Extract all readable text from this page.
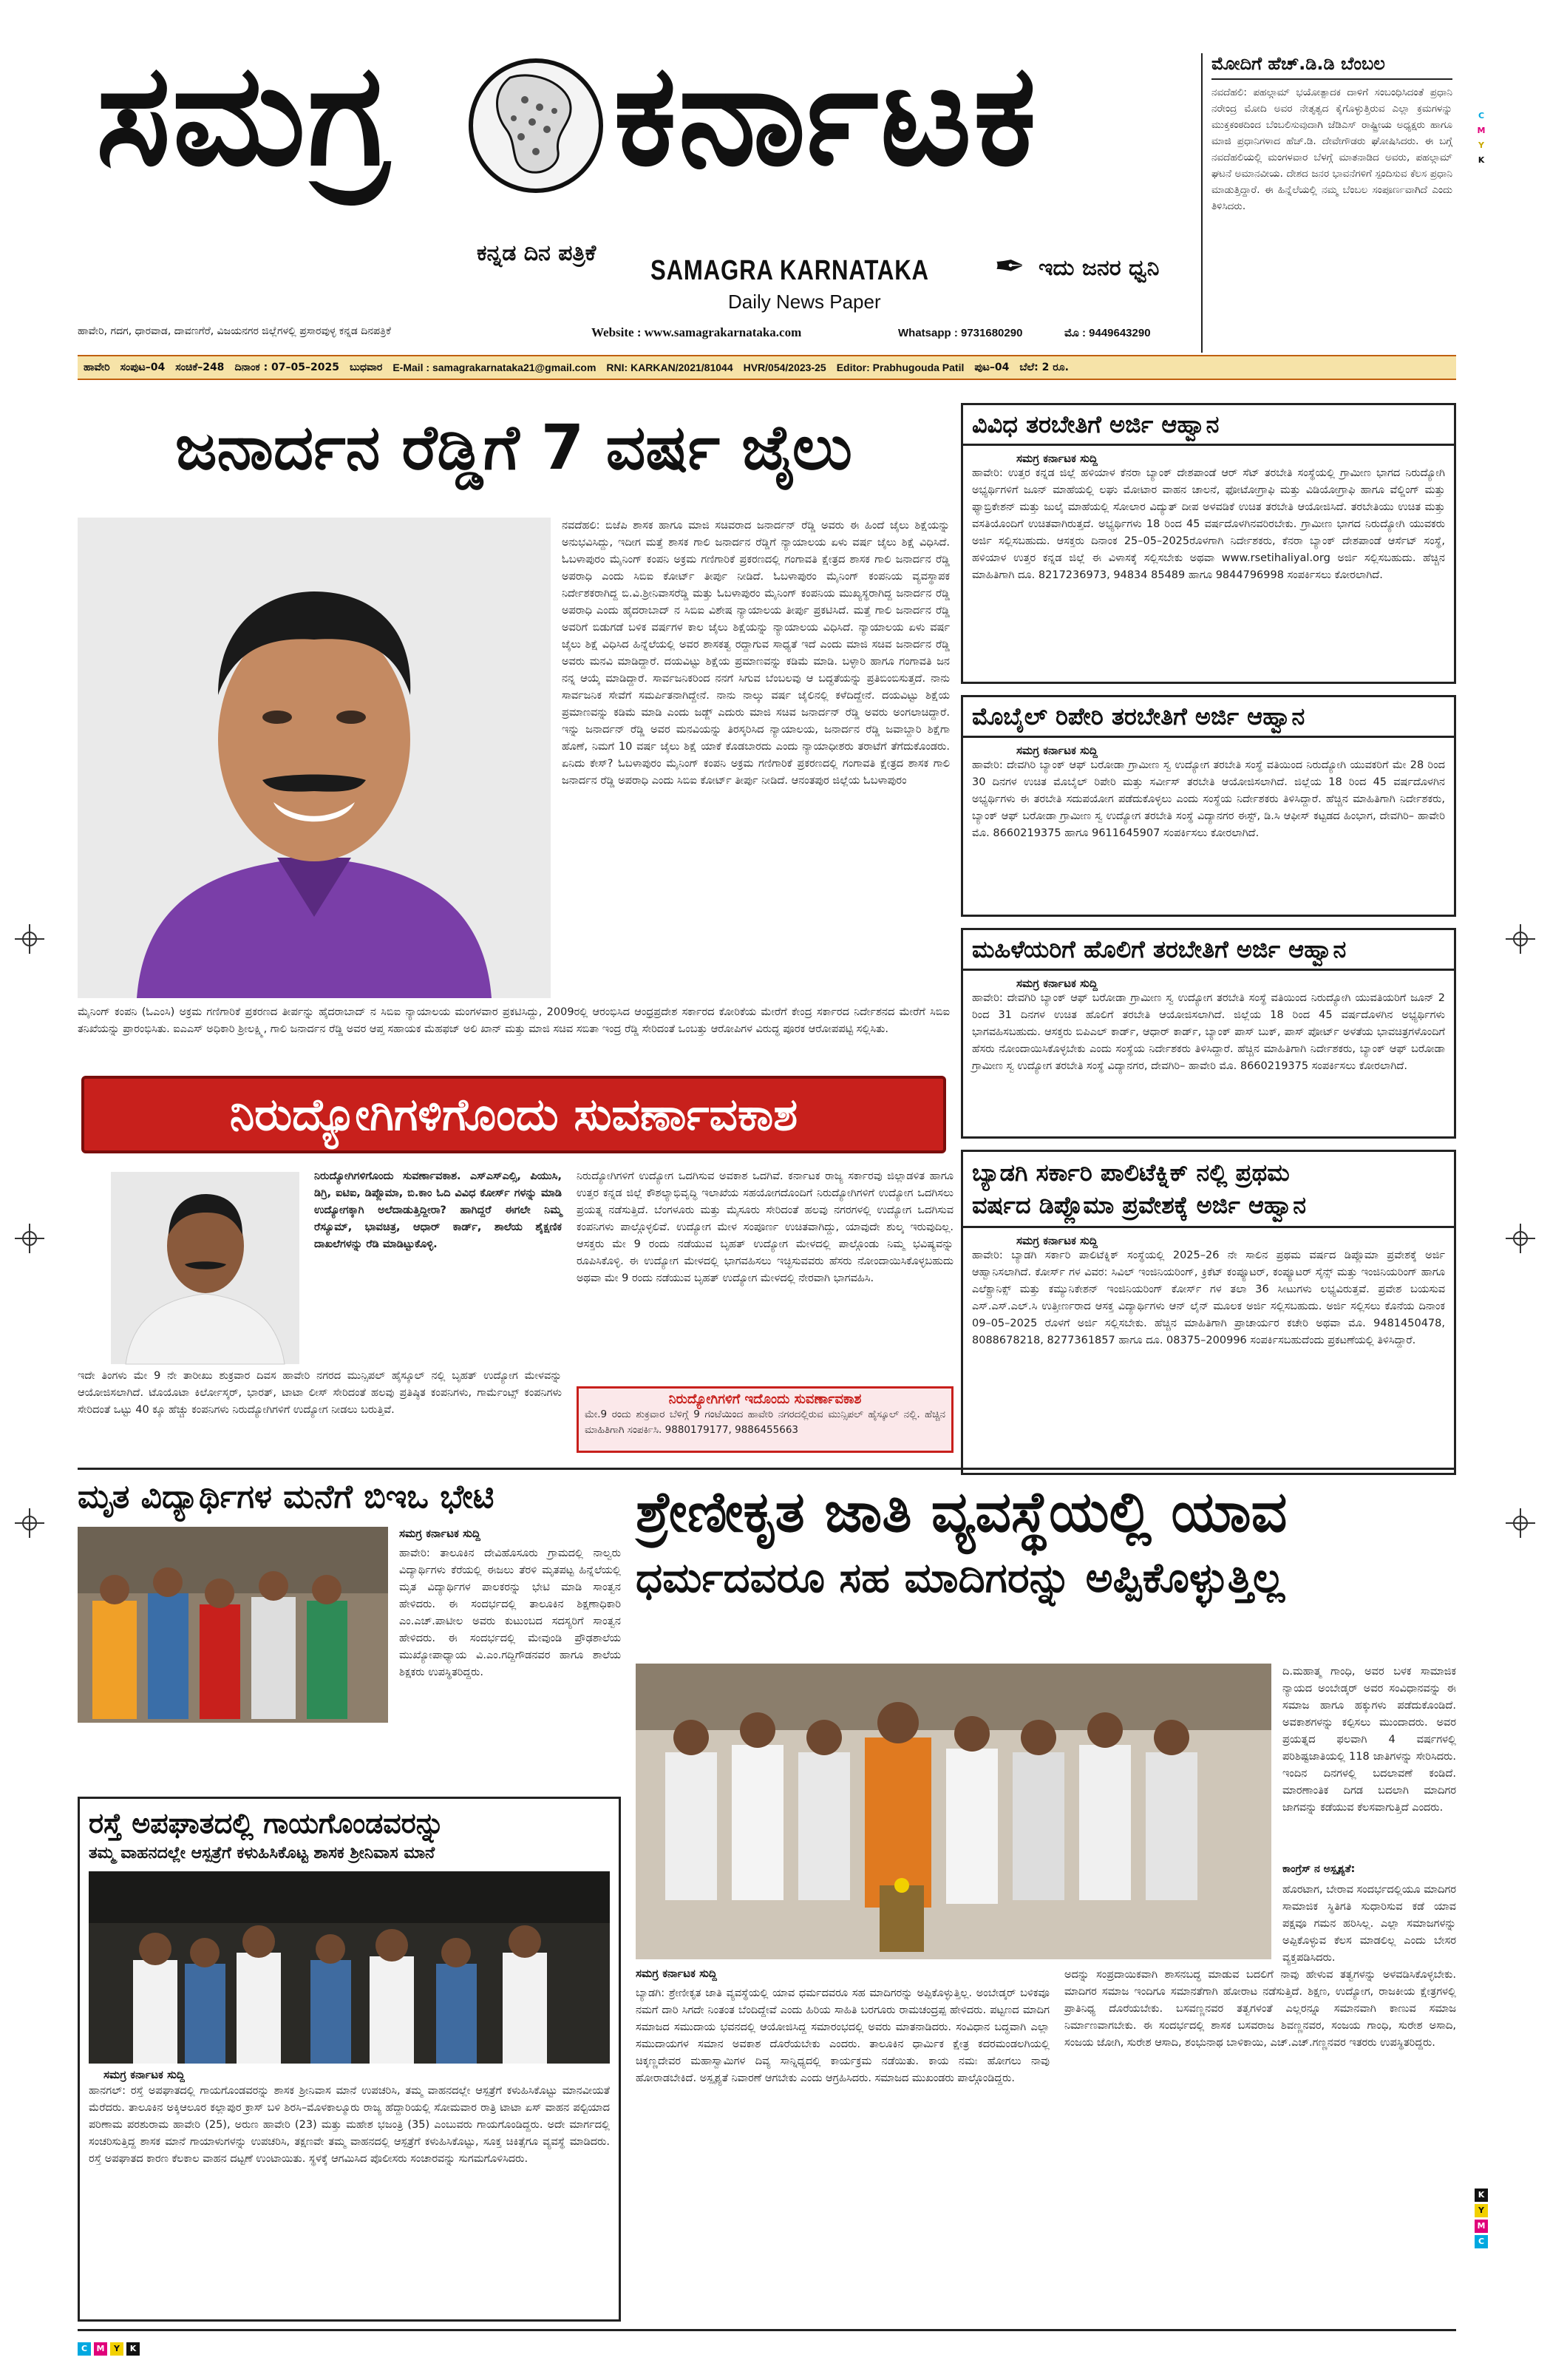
ಸಮಗ್ರ ಕರ್ನಾಟಕ
ಕನ್ನಡ ದಿನ ಪತ್ರಿಕೆ
SAMAGRA KARNATAKA
Daily News Paper
✒ ಇದು ಜನರ ಧ್ವನಿ
ಹಾವೇರಿ, ಗದಗ, ಧಾರವಾಡ, ದಾವಣಗೆರೆ, ವಿಜಯನಗರ ಜಿಲ್ಲೆಗಳಲ್ಲಿ ಪ್ರಸಾರವುಳ್ಳ ಕನ್ನಡ ದಿನಪತ್ರಿಕೆ	Website : www.samagrakarnataka.com	Whatsapp : 9731680290	ಮೊ : 9449643290
ಮೋದಿಗೆ ಹೆಚ್.ಡಿ.ಡಿ ಬೆಂಬಲ
ನವದೆಹಲಿ: ಪಹಲ್ಗಾಮ್ ಭಯೋತ್ಪಾದಕ ದಾಳಿಗೆ ಸಂಬಂಧಿಸಿದಂತೆ ಪ್ರಧಾನಿ ನರೇಂದ್ರ ಮೋದಿ ಅವರ ನೇತೃತ್ವದ ಕೈಗೊಳ್ಳುತ್ತಿರುವ ಎಲ್ಲಾ ಕ್ರಮಗಳನ್ನು ಮುಕ್ತಕಂಠದಿಂದ ಬೆಂಬಲಿಸುವುದಾಗಿ ಜೆಡಿಎಸ್ ರಾಷ್ಟ್ರೀಯ ಅಧ್ಯಕ್ಷರು ಹಾಗೂ ಮಾಜಿ ಪ್ರಧಾನಿಗಳಾದ ಹೆಚ್.ಡಿ. ದೇವೇಗೌಡರು ಘೋಷಿಸಿದರು. ಈ ಬಗ್ಗೆ ನವದೆಹಲಿಯಲ್ಲಿ ಮಂಗಳವಾರ ಬೆಳಗ್ಗೆ ಮಾತನಾಡಿದ ಅವರು, ಪಹಲ್ಗಾಮ್ ಘಟನೆ ಅಮಾನವೀಯ. ದೇಶದ ಜನರ ಭಾವನೆಗಳಿಗೆ ಸ್ಪಂದಿಸುವ ಕೆಲಸ ಪ್ರಧಾನಿ ಮಾಡುತ್ತಿದ್ದಾರೆ. ಈ ಹಿನ್ನೆಲೆಯಲ್ಲಿ ನಮ್ಮ ಬೆಂಬಲ ಸಂಪೂರ್ಣವಾಗಿದೆ ಎಂದು ತಿಳಿಸಿದರು.
C
M
Y
K
ಹಾವೇರಿ ಸಂಪುಟ–04 ಸಂಚಿಕೆ–248 ದಿನಾಂಕ : 07–05–2025 ಬುಧವಾರ E-Mail : samagrakarnataka21@gmail.com RNI: KARKAN/2021/81044 HVR/054/2023-25 Editor: Prabhugouda Patil ಪುಟ–04 ಬೆಲೆ: 2 ರೂ.
ಜನಾರ್ದನ ರೆಡ್ಡಿಗೆ 7 ವರ್ಷ ಜೈಲು
ನವದೆಹಲಿ: ಬಿಜೆಪಿ ಶಾಸಕ ಹಾಗೂ ಮಾಜಿ ಸಚಿವರಾದ ಜನಾರ್ದನ್ ರೆಡ್ಡಿ ಅವರು ಈ ಹಿಂದೆ ಜೈಲು ಶಿಕ್ಷೆಯನ್ನು ಅನುಭವಿಸಿದ್ದು, ಇದೀಗ ಮತ್ತೆ ಶಾಸಕ ಗಾಲಿ ಜನಾರ್ದನ ರೆಡ್ಡಿಗೆ ನ್ಯಾಯಾಲಯ ಏಳು ವರ್ಷ ಜೈಲು ಶಿಕ್ಷೆ ವಿಧಿಸಿದೆ. ಓಬಳಾಪುರಂ ಮೈನಿಂಗ್ ಕಂಪನಿ ಅಕ್ರಮ ಗಣಿಗಾರಿಕೆ ಪ್ರಕರಣದಲ್ಲಿ ಗಂಗಾವತಿ ಕ್ಷೇತ್ರದ ಶಾಸಕ ಗಾಲಿ ಜನಾರ್ದನ ರೆಡ್ಡಿ ಅಪರಾಧಿ ಎಂದು ಸಿಬಿಐ ಕೋರ್ಟ್ ತೀರ್ಪು ನೀಡಿದೆ. ಓಬಳಾಪುರಂ ಮೈನಿಂಗ್ ಕಂಪನಿಯ ವ್ಯವಸ್ಥಾಪಕ ನಿರ್ದೇಶಕರಾಗಿದ್ದ ಬಿ.ವಿ.ಶ್ರೀನಿವಾಸರೆಡ್ಡಿ ಮತ್ತು ಓಬಳಾಪುರಂ ಮೈನಿಂಗ್ ಕಂಪನಿಯ ಮುಖ್ಯಸ್ಥರಾಗಿದ್ದ ಜನಾರ್ದನ ರೆಡ್ಡಿ ಅಪರಾಧಿ ಎಂದು ಹೈದರಾಬಾದ್ ನ ಸಿಬಿಐ ವಿಶೇಷ ನ್ಯಾಯಾಲಯ ತೀರ್ಪು ಪ್ರಕಟಿಸಿದೆ. ಮತ್ತೆ ಗಾಲಿ ಜನಾರ್ದನ ರೆಡ್ಡಿ ಅವರಿಗೆ ಬಿಡುಗಡೆ ಬಳಿಕ ವರ್ಷಗಳ ಕಾಲ ಜೈಲು ಶಿಕ್ಷೆಯನ್ನು ನ್ಯಾಯಾಲಯ ವಿಧಿಸಿದೆ. ನ್ಯಾಯಾಲಯ ಏಳು ವರ್ಷ ಜೈಲು ಶಿಕ್ಷೆ ವಿಧಿಸಿದ ಹಿನ್ನೆಲೆಯಲ್ಲಿ ಅವರ ಶಾಸಕತ್ವ ರದ್ದಾಗುವ ಸಾಧ್ಯತೆ ಇದೆ ಎಂದು ಮಾಜಿ ಸಚಿವ ಜನಾರ್ದನ ರೆಡ್ಡಿ ಅವರು ಮನವಿ ಮಾಡಿದ್ದಾರೆ. ದಯವಿಟ್ಟು ಶಿಕ್ಷೆಯ ಪ್ರಮಾಣವನ್ನು ಕಡಿಮೆ ಮಾಡಿ. ಬಳ್ಳಾರಿ ಹಾಗೂ ಗಂಗಾವತಿ ಜನ ನನ್ನ ಆಯ್ಕೆ ಮಾಡಿದ್ದಾರೆ. ಸಾರ್ವಜನಿಕರಿಂದ ನನಗೆ ಸಿಗುವ ಬೆಂಬಲವು ಆ ಬದ್ಧತೆಯನ್ನು ಪ್ರತಿಬಿಂಬಿಸುತ್ತದೆ. ನಾನು ಸಾರ್ವಜನಿಕ ಸೇವೆಗೆ ಸಮರ್ಪಿತನಾಗಿದ್ದೇನೆ. ನಾನು ನಾಲ್ಕು ವರ್ಷ ಜೈಲಿನಲ್ಲಿ ಕಳೆದಿದ್ದೇನೆ. ದಯವಿಟ್ಟು ಶಿಕ್ಷೆಯ ಪ್ರಮಾಣವನ್ನು ಕಡಿಮೆ ಮಾಡಿ ಎಂದು ಜಡ್ಜ್ ಎದುರು ಮಾಜಿ ಸಚಿವ ಜನಾರ್ದನ್ ರೆಡ್ಡಿ ಅವರು ಅಂಗಲಾಚಿದ್ದಾರೆ. ಇನ್ನು ಜನಾರ್ದನ್ ರೆಡ್ಡಿ ಅವರ ಮನವಿಯನ್ನು ತಿರಸ್ಕರಿಸಿದ ನ್ಯಾಯಾಲಯ, ಜನಾರ್ದನ ರೆಡ್ಡಿ ಜವಾಬ್ದಾರಿ ಶಿಕ್ಷೆಗಾ ಹೊಣೆ, ನಿಮಗೆ 10 ವರ್ಷ ಜೈಲು ಶಿಕ್ಷೆ ಯಾಕೆ ಕೊಡಬಾರದು ಎಂದು ನ್ಯಾಯಾಧೀಶರು ತರಾಟೆಗೆ ತೆಗೆದುಕೊಂಡರು. ಏನಿದು ಕೇಸ್? ಓಬಳಾಪುರಂ ಮೈನಿಂಗ್ ಕಂಪನಿ ಅಕ್ರಮ ಗಣಿಗಾರಿಕೆ ಪ್ರಕರಣದಲ್ಲಿ ಗಂಗಾವತಿ ಕ್ಷೇತ್ರದ ಶಾಸಕ ಗಾಲಿ ಜನಾರ್ದನ ರೆಡ್ಡಿ ಅಪರಾಧಿ ಎಂದು ಸಿಬಿಐ ಕೋರ್ಟ್ ತೀರ್ಪು ನೀಡಿದೆ. ಆನಂತಪುರ ಜಿಲ್ಲೆಯ ಓಬಳಾಪುರಂ
ಮೈನಿಂಗ್ ಕಂಪನಿ (ಓಎಂಸಿ) ಅಕ್ರಮ ಗಣಿಗಾರಿಕೆ ಪ್ರಕರಣದ ತೀರ್ಪನ್ನು ಹೈದರಾಬಾದ್ ನ ಸಿಬಿಐ ನ್ಯಾಯಾಲಯ ಮಂಗಳವಾರ ಪ್ರಕಟಿಸಿದ್ದು, 2009ರಲ್ಲಿ ಆರಂಭಿಸಿದ ಆಂಧ್ರಪ್ರದೇಶ ಸರ್ಕಾರದ ಕೋರಿಕೆಯ ಮೇರೆಗೆ ಕೇಂದ್ರ ಸರ್ಕಾರದ ನಿರ್ದೇಶನದ ಮೇರೆಗೆ ಸಿಬಿಐ ತನಿಖೆಯನ್ನು ಪ್ರಾರಂಭಿಸಿತು. ಐಎಎಸ್ ಅಧಿಕಾರಿ ಶ್ರೀಲಕ್ಷ್ಮಿ, ಗಾಲಿ ಜನಾರ್ದನ ರೆಡ್ಡಿ ಅವರ ಆಪ್ತ ಸಹಾಯಕ ಮೆಹಫಜ್ ಅಲಿ ಖಾನ್ ಮತ್ತು ಮಾಜಿ ಸಚಿವ ಸಬಿತಾ ಇಂದ್ರ ರೆಡ್ಡಿ ಸೇರಿದಂತೆ ಒಂಬತ್ತು ಆರೋಪಿಗಳ ವಿರುದ್ಧ ಪೂರಕ ಆರೋಪಪಟ್ಟಿ ಸಲ್ಲಿಸಿತು.
ವಿವಿಧ ತರಬೇತಿಗೆ ಅರ್ಜಿ ಆಹ್ವಾನ
ಸಮಗ್ರ ಕರ್ನಾಟಕ ಸುದ್ದಿ
ಹಾವೇರಿ: ಉತ್ತರ ಕನ್ನಡ ಜಿಲ್ಲೆ ಹಳಿಯಾಳ ಕೆನರಾ ಬ್ಯಾಂಕ್ ದೇಶಪಾಂಡೆ ಆರ್ ಸೆಟ್ ತರಬೇತಿ ಸಂಸ್ಥೆಯಲ್ಲಿ ಗ್ರಾಮೀಣ ಭಾಗದ ನಿರುದ್ಯೋಗಿ ಅಭ್ಯರ್ಥಿಗಳಿಗೆ ಜೂನ್ ಮಾಹೆಯಲ್ಲಿ ಲಘು ಮೋಟಾರ ವಾಹನ ಚಾಲನೆ, ಫೋಟೋಗ್ರಾಫಿ ಮತ್ತು ವಿಡಿಯೋಗ್ರಾಫಿ ಹಾಗೂ ವೆಲ್ಡಿಂಗ್ ಮತ್ತು ಫ್ಯಾಬ್ರಿಕೇಶನ್ ಮತ್ತು ಜುಲೈ ಮಾಹೆಯಲ್ಲಿ ಸೋಲಾರ ವಿದ್ಯುತ್ ದೀಪ ಅಳವಡಿಕೆ ಉಚಿತ ತರಬೇತಿ ಆಯೋಜಿಸಿದೆ. ತರಬೇತಿಯು ಉಚಿತ ಮತ್ತು ವಸತಿಯೊಂದಿಗೆ ಉಚಿತವಾಗಿರುತ್ತದೆ. ಅಭ್ಯರ್ಥಿಗಳು 18 ರಿಂದ 45 ವರ್ಷದೊಳಗಿನವರಿರಬೇಕು. ಗ್ರಾಮೀಣ ಭಾಗದ ನಿರುದ್ಯೋಗಿ ಯುವಕರು ಅರ್ಜಿ ಸಲ್ಲಿಸಬಹುದು. ಆಸಕ್ತರು ದಿನಾಂಕ 25–05–2025ರೊಳಗಾಗಿ ನಿರ್ದೇಶಕರು, ಕೆನರಾ ಬ್ಯಾಂಕ್ ದೇಶಪಾಂಡೆ ಆರ್ಸೆಟ್ ಸಂಸ್ಥೆ, ಹಳಿಯಾಳ ಉತ್ತರ ಕನ್ನಡ ಜಿಲ್ಲೆ ಈ ವಿಳಾಸಕ್ಕೆ ಸಲ್ಲಿಸಬೇಕು ಅಥವಾ www.rsetihaliyal.org ಅರ್ಜಿ ಸಲ್ಲಿಸಬಹುದು. ಹೆಚ್ಚಿನ ಮಾಹಿತಿಗಾಗಿ ದೂ. 8217236973, 94834 85489 ಹಾಗೂ 9844796998 ಸಂಪರ್ಕಿಸಲು ಕೋರಲಾಗಿದೆ.
ಮೊಬೈಲ್ ರಿಪೇರಿ ತರಬೇತಿಗೆ ಅರ್ಜಿ ಆಹ್ವಾನ
ಸಮಗ್ರ ಕರ್ನಾಟಕ ಸುದ್ದಿ
ಹಾವೇರಿ: ದೇವಗಿರಿ ಬ್ಯಾಂಕ್ ಆಫ್ ಬರೋಡಾ ಗ್ರಾಮೀಣ ಸ್ವ ಉದ್ಯೋಗ ತರಬೇತಿ ಸಂಸ್ಥೆ ವತಿಯಿಂದ ನಿರುದ್ಯೋಗಿ ಯುವಕರಿಗೆ ಮೇ 28 ರಿಂದ 30 ದಿನಗಳ ಉಚಿತ ಮೊಬೈಲ್ ರಿಪೇರಿ ಮತ್ತು ಸರ್ವೀಸ್ ತರಬೇತಿ ಆಯೋಜಿಸಲಾಗಿದೆ. ಜಿಲ್ಲೆಯ 18 ರಿಂದ 45 ವರ್ಷದೊಳಗಿನ ಅಭ್ಯರ್ಥಿಗಳು ಈ ತರಬೇತಿ ಸದುಪಯೋಗ ಪಡೆದುಕೊಳ್ಳಲು ಎಂದು ಸಂಸ್ಥೆಯ ನಿರ್ದೇಶಕರು ತಿಳಿಸಿದ್ದಾರೆ. ಹೆಚ್ಚಿನ ಮಾಹಿತಿಗಾಗಿ ನಿರ್ದೇಶಕರು, ಬ್ಯಾಂಕ್ ಆಫ್ ಬರೋಡಾ ಗ್ರಾಮೀಣ ಸ್ವ ಉದ್ಯೋಗ ತರಬೇತಿ ಸಂಸ್ಥೆ ವಿದ್ಯಾನಗರ ಈಸ್ಟ್, ಡಿ.ಸಿ ಆಫೀಸ್ ಕಟ್ಟಡದ ಹಿಂಭಾಗ, ದೇವಗಿರಿ– ಹಾವೇರಿ ಮೊ. 8660219375 ಹಾಗೂ 9611645907 ಸಂಪರ್ಕಿಸಲು ಕೋರಲಾಗಿದೆ.
ಮಹಿಳೆಯರಿಗೆ ಹೊಲಿಗೆ ತರಬೇತಿಗೆ ಅರ್ಜಿ ಆಹ್ವಾನ
ಸಮಗ್ರ ಕರ್ನಾಟಕ ಸುದ್ದಿ
ಹಾವೇರಿ: ದೇವಗಿರಿ ಬ್ಯಾಂಕ್ ಆಫ್ ಬರೋಡಾ ಗ್ರಾಮೀಣ ಸ್ವ ಉದ್ಯೋಗ ತರಬೇತಿ ಸಂಸ್ಥೆ ವತಿಯಿಂದ ನಿರುದ್ಯೋಗಿ ಯುವತಿಯರಿಗೆ ಜೂನ್ 2 ರಿಂದ 31 ದಿನಗಳ ಉಚಿತ ಹೊಲಿಗೆ ತರಬೇತಿ ಆಯೋಜಿಸಲಾಗಿದೆ. ಜಿಲ್ಲೆಯ 18 ರಿಂದ 45 ವರ್ಷದೊಳಗಿನ ಅಭ್ಯರ್ಥಿಗಳು ಭಾಗವಹಿಸಬಹುದು. ಆಸಕ್ತರು ಬಿಪಿಎಲ್ ಕಾರ್ಡ್, ಆಧಾರ್ ಕಾರ್ಡ್, ಬ್ಯಾಂಕ್ ಪಾಸ್ ಬುಕ್, ಪಾಸ್ ಪೋರ್ಟ್ ಅಳತೆಯ ಭಾವಚಿತ್ರಗಳೊಂದಿಗೆ ಹೆಸರು ನೋಂದಾಯಿಸಿಕೊಳ್ಳಬೇಕು ಎಂದು ಸಂಸ್ಥೆಯ ನಿರ್ದೇಶಕರು ತಿಳಿಸಿದ್ದಾರೆ. ಹೆಚ್ಚಿನ ಮಾಹಿತಿಗಾಗಿ ನಿರ್ದೇಶಕರು, ಬ್ಯಾಂಕ್ ಆಫ್ ಬರೋಡಾ ಗ್ರಾಮೀಣ ಸ್ವ ಉದ್ಯೋಗ ತರಬೇತಿ ಸಂಸ್ಥೆ ವಿದ್ಯಾನಗರ, ದೇವಗಿರಿ– ಹಾವೇರಿ ಮೊ. 8660219375 ಸಂಪರ್ಕಿಸಲು ಕೋರಲಾಗಿದೆ.
ಬ್ಯಾಡಗಿ ಸರ್ಕಾರಿ ಪಾಲಿಟೆಕ್ನಿಕ್ ನಲ್ಲಿ ಪ್ರಥಮ
ವರ್ಷದ ಡಿಪ್ಲೊಮಾ ಪ್ರವೇಶಕ್ಕೆ ಅರ್ಜಿ ಆಹ್ವಾನ
ಸಮಗ್ರ ಕರ್ನಾಟಕ ಸುದ್ದಿ
ಹಾವೇರಿ: ಬ್ಯಾಡಗಿ ಸರ್ಕಾರಿ ಪಾಲಿಟೆಕ್ನಿಕ್ ಸಂಸ್ಥೆಯಲ್ಲಿ 2025–26 ನೇ ಸಾಲಿನ ಪ್ರಥಮ ವರ್ಷದ ಡಿಪ್ಲೊಮಾ ಪ್ರವೇಶಕ್ಕೆ ಅರ್ಜಿ ಆಹ್ವಾನಿಸಲಾಗಿದೆ. ಕೋರ್ಸ್ ಗಳ ವಿವರ: ಸಿವಿಲ್ ಇಂಜಿನಿಯರಿಂಗ್, ಕ್ರಿಕೆಟ್ ಕಂಪ್ಯೂಟರ್, ಕಂಪ್ಯೂಟರ್ ಸೈನ್ಸ್ ಮತ್ತು ಇಂಜಿನಿಯರಿಂಗ್ ಹಾಗೂ ಎಲೆಕ್ಟ್ರಾನಿಕ್ಸ್ ಮತ್ತು ಕಮ್ಯುನಿಕೇಶನ್ ಇಂಜಿನಿಯರಿಂಗ್ ಕೋರ್ಸ್ ಗಳ ತಲಾ 36 ಸೀಟುಗಳು ಲಭ್ಯವಿರುತ್ತವೆ. ಪ್ರವೇಶ ಬಯಸುವ ಎಸ್.ಎಸ್.ಎಲ್.ಸಿ ಉತ್ತೀರ್ಣರಾದ ಆಸಕ್ತ ವಿದ್ಯಾರ್ಥಿಗಳು ಆನ್ ಲೈನ್ ಮೂಲಕ ಅರ್ಜಿ ಸಲ್ಲಿಸಬಹುದು. ಅರ್ಜಿ ಸಲ್ಲಿಸಲು ಕೊನೆಯ ದಿನಾಂಕ 09–05–2025 ರೊಳಗೆ ಅರ್ಜಿ ಸಲ್ಲಿಸಬೇಕು. ಹೆಚ್ಚಿನ ಮಾಹಿತಿಗಾಗಿ ಪ್ರಾಚಾರ್ಯರ ಕಚೇರಿ ಅಥವಾ ಮೊ. 9481450478, 8088678218, 8277361857 ಹಾಗೂ ದೂ. 08375–200996 ಸಂಪರ್ಕಿಸಬಹುದೆಂದು ಪ್ರಕಟಣೆಯಲ್ಲಿ ತಿಳಿಸಿದ್ದಾರೆ.
ನಿರುದ್ಯೋಗಿಗಳಿಗೊಂದು ಸುವರ್ಣಾವಕಾಶ
ನಿರುದ್ಯೋಗಿಗಳಿಗೊಂದು ಸುವರ್ಣಾವಕಾಶ. ಎಸ್ಎಸ್ಎಲ್ಸಿ, ಪಿಯುಸಿ, ಡಿಗ್ರಿ, ಐಟಿಐ, ಡಿಪ್ಲೊಮಾ, ಬಿ.ಕಾಂ ಓದಿ ವಿವಿಧ ಕೋರ್ಸ್ ಗಳನ್ನು ಮಾಡಿ ಉದ್ಯೋಗಕ್ಕಾಗಿ ಅಲೆದಾಡುತ್ತಿದ್ದೀರಾ? ಹಾಗಿದ್ದರೆ ಈಗಲೇ ನಿಮ್ಮ ರೆಸ್ಯೂಮ್, ಭಾವಚಿತ್ರ, ಆಧಾರ್ ಕಾರ್ಡ್, ಶಾಲೆಯ ಶೈಕ್ಷಣಿಕ ದಾಖಲೆಗಳನ್ನು ರೆಡಿ ಮಾಡಿಟ್ಟುಕೊಳ್ಳಿ.
ಇದೇ ತಿಂಗಳು ಮೇ 9 ನೇ ತಾರೀಖು ಶುಕ್ರವಾರ ದಿವಸ ಹಾವೇರಿ ನಗರದ ಮುನ್ಸಿಪಲ್ ಹೈಸ್ಕೂಲ್ ನಲ್ಲಿ ಬೃಹತ್ ಉದ್ಯೋಗ ಮೇಳವನ್ನು ಆಯೋಜಿಸಲಾಗಿದೆ. ಟೊಯೊಟಾ ಕಿರ್ಲೋಸ್ಕರ್, ಭಾರತ್, ಟಾಟಾ ಲೀಸ್ ಸೇರಿದಂತೆ ಹಲವು ಪ್ರತಿಷ್ಠಿತ ಕಂಪನಿಗಳು, ಗಾರ್ಮೆಂಟ್ಸ್ ಕಂಪನಿಗಳು ಸೇರಿದಂತೆ ಒಟ್ಟು 40 ಕ್ಕೂ ಹೆಚ್ಚು ಕಂಪನಿಗಳು ನಿರುದ್ಯೋಗಿಗಳಿಗೆ ಉದ್ಯೋಗ ನೀಡಲು ಬರುತ್ತಿವೆ.
ನಿರುದ್ಯೋಗಿಗಳಿಗೆ ಉದ್ಯೋಗ ಒದಗಿಸುವ ಅವಕಾಶ ಒದಗಿವೆ. ಕರ್ನಾಟಕ ರಾಜ್ಯ ಸರ್ಕಾರವು ಜಿಲ್ಲಾಡಳಿತ ಹಾಗೂ ಉತ್ತರ ಕನ್ನಡ ಜಿಲ್ಲೆ ಕೌಶಲ್ಯಾಭಿವೃದ್ಧಿ ಇಲಾಖೆಯ ಸಹಯೋಗದೊಂದಿಗೆ ನಿರುದ್ಯೋಗಿಗಳಿಗೆ ಉದ್ಯೋಗ ಒದಗಿಸಲು ಪ್ರಯತ್ನ ನಡೆಸುತ್ತಿದೆ. ಬೆಂಗಳೂರು ಮತ್ತು ಮೈಸೂರು ಸೇರಿದಂತೆ ಹಲವು ನಗರಗಳಲ್ಲಿ ಉದ್ಯೋಗ ಒದಗಿಸುವ ಕಂಪನಿಗಳು ಪಾಲ್ಗೊಳ್ಳಲಿವೆ. ಉದ್ಯೋಗ ಮೇಳ ಸಂಪೂರ್ಣ ಉಚಿತವಾಗಿದ್ದು, ಯಾವುದೇ ಶುಲ್ಕ ಇರುವುದಿಲ್ಲ. ಆಸಕ್ತರು ಮೇ 9 ರಂದು ನಡೆಯುವ ಬೃಹತ್ ಉದ್ಯೋಗ ಮೇಳದಲ್ಲಿ ಪಾಲ್ಗೊಂಡು ನಿಮ್ಮ ಭವಿಷ್ಯವನ್ನು ರೂಪಿಸಿಕೊಳ್ಳಿ. ಈ ಉದ್ಯೋಗ ಮೇಳದಲ್ಲಿ ಭಾಗವಹಿಸಲು ಇಚ್ಛಿಸುವವರು ಹೆಸರು ನೋಂದಾಯಿಸಿಕೊಳ್ಳಬಹುದು ಅಥವಾ ಮೇ 9 ರಂದು ನಡೆಯುವ ಬೃಹತ್ ಉದ್ಯೋಗ ಮೇಳದಲ್ಲಿ ನೇರವಾಗಿ ಭಾಗವಹಿಸಿ.
ನಿರುದ್ಯೋಗಿಗಳಿಗೆ ಇದೊಂದು ಸುವರ್ಣಾವಕಾಶ
ಮೇ.9 ರಂದು ಶುಕ್ರವಾರ ಬೆಳಿಗ್ಗೆ 9 ಗಂಟೆಯಿಂದ ಹಾವೇರಿ ನಗರದಲ್ಲಿರುವ ಮುನ್ಸಿಪಲ್ ಹೈಸ್ಕೂಲ್ ನಲ್ಲಿ. ಹೆಚ್ಚಿನ ಮಾಹಿತಿಗಾಗಿ ಸಂಪರ್ಕಿಸಿ. 9880179177, 9886455663
ಮೃತ ವಿದ್ಯಾರ್ಥಿಗಳ ಮನೆಗೆ ಬಿಇಒ ಭೇಟಿ
ಸಮಗ್ರ ಕರ್ನಾಟಕ ಸುದ್ದಿ
ಹಾವೇರಿ: ತಾಲೂಕಿನ ದೇವಿಹೊಸೂರು ಗ್ರಾಮದಲ್ಲಿ ನಾಲ್ವರು ವಿದ್ಯಾರ್ಥಿಗಳು ಕೆರೆಯಲ್ಲಿ ಈಜಲು ತೆರಳಿ ಮೃತಪಟ್ಟ ಹಿನ್ನೆಲೆಯಲ್ಲಿ ಮೃತ ವಿದ್ಯಾರ್ಥಿಗಳ ಪಾಲಕರನ್ನು ಭೇಟಿ ಮಾಡಿ ಸಾಂತ್ವನ ಹೇಳಿದರು. ಈ ಸಂದರ್ಭದಲ್ಲಿ ತಾಲೂಕಿನ ಶಿಕ್ಷಣಾಧಿಕಾರಿ ಎಂ.ಎಚ್.ಪಾಟೀಲ ಅವರು ಕುಟುಂಬದ ಸದಸ್ಯರಿಗೆ ಸಾಂತ್ವನ ಹೇಳಿದರು. ಈ ಸಂದರ್ಭದಲ್ಲಿ ಮೇವುಂಡಿ ಪ್ರೌಢಶಾಲೆಯ ಮುಖ್ಯೋಪಾಧ್ಯಾಯ ವಿ.ಎಂ.ಗದ್ದಿಗೌಡನವರ ಹಾಗೂ ಶಾಲೆಯ ಶಿಕ್ಷಕರು ಉಪಸ್ಥಿತರಿದ್ದರು.
ಶ್ರೇಣೀಕೃತ ಜಾತಿ ವ್ಯವಸ್ಥೆಯಲ್ಲಿ ಯಾವ
ಧರ್ಮದವರೂ ಸಹ ಮಾದಿಗರನ್ನು ಅಪ್ಪಿಕೊಳ್ಳುತ್ತಿಲ್ಲ
ದಿ.ಮಹಾತ್ಮ ಗಾಂಧಿ, ಅವರ ಬಳಕ ಸಾಮಾಜಿಕ ನ್ಯಾಯದ ಅಂಬೇಡ್ಕರ್ ಅವರ ಸಂವಿಧಾನವನ್ನು ಈ ಸಮಾಜ ಹಾಗೂ ಹಕ್ಕುಗಳು ಪಡೆದುಕೊಂಡಿದೆ. ಅವಕಾಶಗಳನ್ನು ಕಲ್ಪಿಸಲು ಮುಂದಾದರು. ಅವರ ಪ್ರಯತ್ನದ ಫಲವಾಗಿ 4 ವರ್ಷಗಳಲ್ಲಿ ಪರಿಶಿಷ್ಟಜಾತಿಯಲ್ಲಿ 118 ಜಾತಿಗಳನ್ನು ಸೇರಿಸಿದರು. ಇಂದಿನ ದಿನಗಳಲ್ಲಿ ಬದಲಾವಣೆ ಕಂಡಿದೆ. ಮಾರಣಾಂತಿಕ ದಿಗಡ ಬದಲಾಗಿ ಮಾದಿಗರ ಜಾಗವನ್ನು ಕಡೆಯುವ ಕೆಲಸವಾಗುತ್ತಿದೆ ಎಂದರು.
ಕಾಂಗ್ರೆಸ್ ನ ಅಸ್ಪೃಶ್ಯತೆ:
ಹೊರಟಾಗ, ಬೇರಾವ ಸಂದರ್ಭದಲ್ಲಿಯೂ ಮಾದಿಗರ ಸಾಮಾಜಿಕ ಸ್ಥಿತಿಗತಿ ಸುಧಾರಿಸುವ ಕಡೆ ಯಾವ ಪಕ್ಷವೂ ಗಮನ ಹರಿಸಿಲ್ಲ. ಎಲ್ಲಾ ಸಮಾಜಗಳನ್ನು ಅಪ್ಪಿಕೊಳ್ಳುವ ಕೆಲಸ ಮಾಡಲಿಲ್ಲ ಎಂದು ಬೇಸರ ವ್ಯಕ್ತಪಡಿಸಿದರು.
ಸಮಗ್ರ ಕರ್ನಾಟಕ ಸುದ್ದಿ
ಬ್ಯಾಡಗಿ: ಶ್ರೇಣೀಕೃತ ಜಾತಿ ವ್ಯವಸ್ಥೆಯಲ್ಲಿ ಯಾವ ಧರ್ಮದವರೂ ಸಹ ಮಾದಿಗರನ್ನು ಅಪ್ಪಿಕೊಳ್ಳುತ್ತಿಲ್ಲ. ಅಂಬೇಡ್ಕರ್ ಬಳಿಕವೂ ನಮಗೆ ದಾರಿ ಸಿಗದೇ ನಿಂತಂತ ಬೆಂದಿದ್ದೇವೆ ಎಂದು ಹಿರಿಯ ಸಾಹಿತಿ ಬರಗೂರು ರಾಮಚಂದ್ರಪ್ಪ ಹೇಳಿದರು. ಪಟ್ಟಣದ ಮಾದಿಗ ಸಮಾಜದ ಸಮುದಾಯ ಭವನದಲ್ಲಿ ಆಯೋಜಿಸಿದ್ದ ಸಮಾರಂಭದಲ್ಲಿ ಅವರು ಮಾತನಾಡಿದರು. ಸಂವಿಧಾನ ಬದ್ಧವಾಗಿ ಎಲ್ಲಾ ಸಮುದಾಯಗಳ ಸಮಾನ ಅವಕಾಶ ದೊರೆಯಬೇಕು ಎಂದರು. ತಾಲೂಕಿನ ಧಾರ್ಮಿಕ ಕ್ಷೇತ್ರ ಕದರಮಂಡಲಗಿಯಲ್ಲಿ ಚಿಕ್ಕಣ್ಣದೇವರ ಮಹಾಸ್ವಾಮಿಗಳ ದಿವ್ಯ ಸಾನ್ನಿಧ್ಯದಲ್ಲಿ ಕಾರ್ಯಕ್ರಮ ನಡೆಯಿತು. ಕಾಯ ನಮಃ ಹೋಗಲು ನಾವು ಹೋರಾಡಬೇಕಿದೆ. ಅಸ್ಪೃಶ್ಯತೆ ನಿವಾರಣೆ ಆಗಬೇಕು ಎಂದು ಆಗ್ರಹಿಸಿದರು. ಸಮಾಜದ ಮುಖಂಡರು ಪಾಲ್ಗೊಂಡಿದ್ದರು.
ಅದನ್ನು ಸಂಪ್ರದಾಯಿಕವಾಗಿ ಶಾಸನಬದ್ಧ ಮಾಡುವ ಬದಲಿಗೆ ನಾವು ಹೇಳುವ ತತ್ವಗಳನ್ನು ಅಳವಡಿಸಿಕೊಳ್ಳಬೇಕು. ಮಾದಿಗರ ಸಮಾಜ ಇಂದಿಗೂ ಸಮಾನತೆಗಾಗಿ ಹೋರಾಟ ನಡೆಸುತ್ತಿದೆ. ಶಿಕ್ಷಣ, ಉದ್ಯೋಗ, ರಾಜಕೀಯ ಕ್ಷೇತ್ರಗಳಲ್ಲಿ ಪ್ರಾತಿನಿಧ್ಯ ದೊರೆಯಬೇಕು. ಬಸವಣ್ಣನವರ ತತ್ವಗಳಂತೆ ಎಲ್ಲರನ್ನೂ ಸಮಾನವಾಗಿ ಕಾಣುವ ಸಮಾಜ ನಿರ್ಮಾಣವಾಗಬೇಕು. ಈ ಸಂದರ್ಭದಲ್ಲಿ ಶಾಸಕ ಬಸವರಾಜ ಶಿವಣ್ಣನವರ, ಸಂಜಯ ಗಾಂಧಿ, ಸುರೇಶ ಅಸಾದಿ, ಸಂಜಯ ಜೋಗಿ, ಸುರೇಶ ಆಸಾದಿ, ಶಂಭುನಾಥ ಬಾಳಿಕಾಯಿ, ಎಚ್.ಎಚ್.ಗಣ್ಣನವರ ಇತರರು ಉಪಸ್ಥಿತರಿದ್ದರು.
ರಸ್ತೆ ಅಪಘಾತದಲ್ಲಿ ಗಾಯಗೊಂಡವರನ್ನು
ತಮ್ಮ ವಾಹನದಲ್ಲೇ ಆಸ್ಪತ್ರೆಗೆ ಕಳುಹಿಸಿಕೊಟ್ಟ ಶಾಸಕ ಶ್ರೀನಿವಾಸ ಮಾನೆ
ಸಮಗ್ರ ಕರ್ನಾಟಕ ಸುದ್ದಿ
ಹಾನಗಲ್: ರಸ್ತೆ ಅಪಘಾತದಲ್ಲಿ ಗಾಯಗೊಂಡವರನ್ನು ಶಾಸಕ ಶ್ರೀನಿವಾಸ ಮಾನೆ ಉಪಚರಿಸಿ, ತಮ್ಮ ವಾಹನದಲ್ಲೇ ಆಸ್ಪತ್ರೆಗೆ ಕಳುಹಿಸಿಕೊಟ್ಟು ಮಾನವೀಯತೆ ಮೆರೆದರು. ತಾಲೂಕಿನ ಅಕ್ಕಿಆಲೂರ ಕಲ್ಲಾಪುರ ಕ್ರಾಸ್ ಬಳಿ ಶಿರಸಿ–ಮೊಳಕಾಲ್ಮೂರು ರಾಜ್ಯ ಹೆದ್ದಾರಿಯಲ್ಲಿ ಸೋಮವಾರ ರಾತ್ರಿ ಟಾಟಾ ಏಸ್ ವಾಹನ ಪಲ್ಟಿಯಾದ ಪರಿಣಾಮ ಪರಶುರಾಮ ಹಾವೇರಿ (25), ಅರುಣ ಹಾವೇರಿ (23) ಮತ್ತು ಮಹೇಶ ಭಜಂತ್ರಿ (35) ಎಂಬುವರು ಗಾಯಗೊಂಡಿದ್ದರು. ಅದೇ ಮಾರ್ಗದಲ್ಲಿ ಸಂಚರಿಸುತ್ತಿದ್ದ ಶಾಸಕ ಮಾನೆ ಗಾಯಾಳುಗಳನ್ನು ಉಪಚರಿಸಿ, ತಕ್ಷಣವೇ ತಮ್ಮ ವಾಹನದಲ್ಲಿ ಆಸ್ಪತ್ರೆಗೆ ಕಳುಹಿಸಿಕೊಟ್ಟು, ಸೂಕ್ತ ಚಿಕಿತ್ಸೆಗೂ ವ್ಯವಸ್ಥೆ ಮಾಡಿದರು. ರಸ್ತೆ ಅಪಘಾತದ ಕಾರಣ ಕೆಲಕಾಲ ವಾಹನ ದಟ್ಟಣೆ ಉಂಟಾಯಿತು. ಸ್ಥಳಕ್ಕೆ ಆಗಮಿಸಿದ ಪೊಲೀಸರು ಸಂಚಾರವನ್ನು ಸುಗಮಗೊಳಿಸಿದರು.
C	M	Y	K
K
Y
M
C
